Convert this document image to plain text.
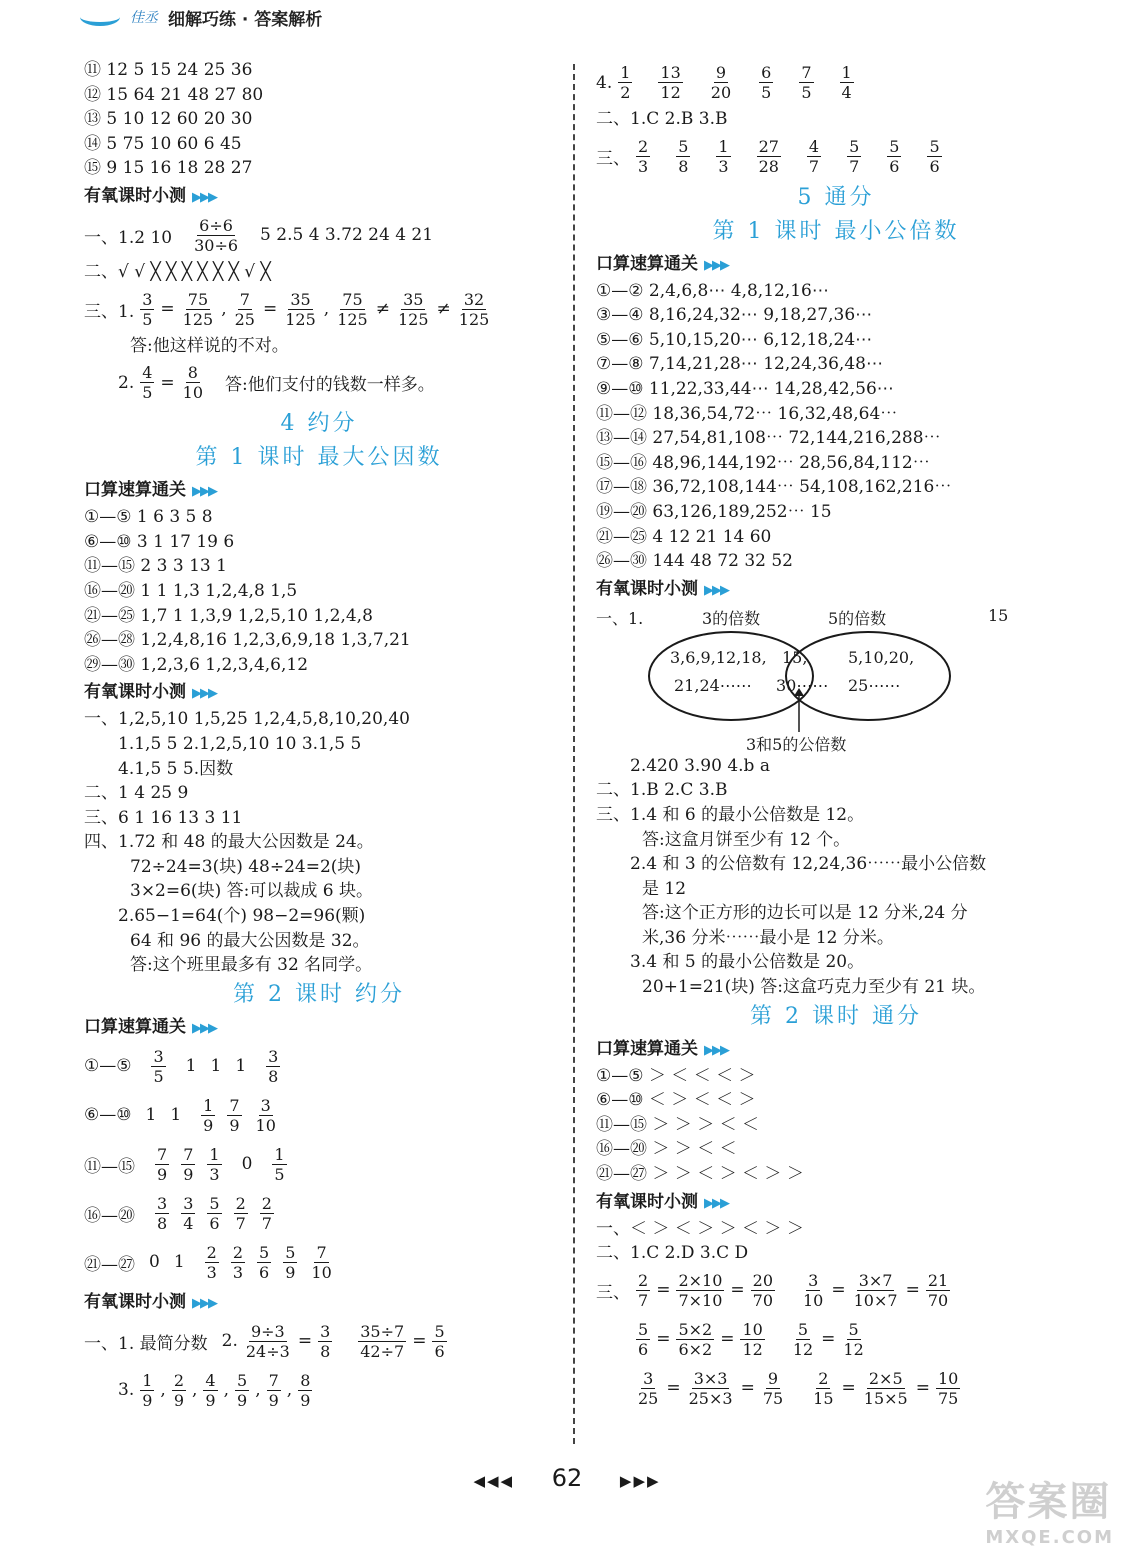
佳丞 细解巧练 · 答案解析
⑪ 12 5 15 24 25 36
⑫ 15 64 21 48 27 80
⑬ 5 10 12 60 20 30
⑭ 5 75 10 60 6 45
⑮ 9 15 16 18 28 27
有氧课时小测 ▶▶▶
一、1.2 $10 \frac{6\div 6}{30\div 6} 5$ 2.5 4 3.72 24 4 21
二、√ √ ╳ ╳ ╳ ╳ ╳ ╳ √ ╳
三、1. $\frac{3}{5} = \frac{75}{125}$ , $\frac{7}{25} = \frac{35}{125}$ , $\frac{75}{125} \ne \frac{35}{125} \ne \frac{32}{125}$
答:他这样说的不对。
2. $\frac{4}{5} = \frac{8}{10}$ 答:他们支付的钱数一样多。
4 约分
第 1 课时 最大公因数
口算速算通关 ▶▶▶
①—⑤ 1 6 3 5 8
⑥—⑩ 3 1 17 19 6
⑪—⑮ 2 3 3 13 1
⑯—⑳ 1 1 1,3 1,2,4,8 1,5
㉑—㉕ 1,7 1 1,3,9 1,2,5,10 1,2,4,8
㉖—㉘ 1,2,4,8,16 1,2,3,6,9,18 1,3,7,21
㉙—㉚ 1,2,3,6 1,2,3,4,6,12
有氧课时小测 ▶▶▶
一、1,2,5,10 1,5,25 1,2,4,5,8,10,20,40
1.1,5 5 2.1,2,5,10 10 3.1,5 5
4.1,5 5 5.因数
二、1 4 25 9
三、6 1 16 13 3 11
四、1.72 和 48 的最大公因数是 24。
72÷24=3(块) 48÷24=2(块)
3×2=6(块) 答:可以裁成 6 块。
2.65−1=64(个) 98−2=96(颗)
64 和 96 的最大公因数是 32。
答:这个班里最多有 32 名同学。
第 2 课时 约分
口算速算通关 ▶▶▶
①—⑤ $\frac{3}{5} 1$ 1 $1 \frac{3}{8}$
⑥—⑩ 1 $1 \frac{1}{9} \frac{7}{9} \frac{3}{10}$
⑪—⑮ $\frac{7}{9} \frac{7}{9} \frac{1}{3} 0 \frac{1}{5}$
⑯—⑳ $\frac{3}{8} \frac{3}{4} \frac{5}{6} \frac{2}{7} \frac{2}{7}$
㉑—㉗ 0 $1 \frac{2}{3} \frac{2}{3} \frac{5}{6} \frac{5}{9} \frac{7}{10}$
有氧课时小测 ▶▶▶
一、1. 最简分数 2. $\frac{9\div 3}{24\div 3} = \frac{3}{8} \frac{35\div 7}{42\div 7} = \frac{5}{6}$
3. $\frac{1}{9}$ , $\frac{2}{9}$ , $\frac{4}{9}$ , $\frac{5}{9}$ , $\frac{7}{9}$ , $\frac{8}{9}$
4. $\frac{1}{2} \frac{13}{12} \frac{9}{20} \frac{6}{5} \frac{7}{5} \frac{1}{4}$
二、1.C 2.B 3.B
三、 $\frac{2}{3} \frac{5}{8} \frac{1}{3} \frac{27}{28} \frac{4}{7} \frac{5}{7} \frac{5}{6} \frac{5}{6}$
5 通分
第 1 课时 最小公倍数
口算速算通关 ▶▶▶
①—② 2,4,6,8⋯ 4,8,12,16⋯
③—④ 8,16,24,32⋯ 9,18,27,36⋯
⑤—⑥ 5,10,15,20⋯ 6,12,18,24⋯
⑦—⑧ 7,14,21,28⋯ 12,24,36,48⋯
⑨—⑩ 11,22,33,44⋯ 14,28,42,56⋯
⑪—⑫ 18,36,54,72⋯ 16,32,48,64⋯
⑬—⑭ 27,54,81,108⋯ 72,144,216,288⋯
⑮—⑯ 48,96,144,192⋯ 28,56,84,112⋯
⑰—⑱ 36,72,108,144⋯ 54,108,162,216⋯
⑲—⑳ 63,126,189,252⋯ 15
㉑—㉕ 4 12 21 14 60
㉖—㉚ 144 48 72 32 52
有氧课时小测 ▶▶▶
一、1.	3的倍数	5的倍数	15
3,6,9,12,18,
21,24⋯⋯
15,
30⋯⋯
5,10,20,
25⋯⋯
3和5的公倍数
2.420 3.90 4.b a
二、1.B 2.C 3.B
三、1.4 和 6 的最小公倍数是 12。
答:这盒月饼至少有 12 个。
2.4 和 3 的公倍数有 12,24,36⋯⋯最小公倍数
是 12
答:这个正方形的边长可以是 12 分米,24 分
米,36 分米⋯⋯最小是 12 分米。
3.4 和 5 的最小公倍数是 20。
20+1=21(块) 答:这盒巧克力至少有 21 块。
第 2 课时 通分
口算速算通关 ▶▶▶
①—⑤ ＞ ＜ ＜ ＜ ＞
⑥—⑩ ＜ ＞ ＜ ＜ ＞
⑪—⑮ ＞ ＞ ＞ ＜ ＜
⑯—⑳ ＞ ＞ ＜ ＜
㉑—㉗ ＞ ＞ ＜ ＞ ＜ ＞ ＞
有氧课时小测 ▶▶▶
一、＜ ＞ ＜ ＞ ＞ ＜ ＞ ＞
二、1.C 2.D 3.C D
三、 $\frac{2}{7} = \frac{2\times 10}{7\times 10} = \frac{20}{70} \frac{3}{10} = \frac{3\times 7}{10\times 7} = \frac{21}{70}$
$\frac{5}{6} = \frac{5\times 2}{6\times 2} = \frac{10}{12} \frac{5}{12} = \frac{5}{12}$
$\frac{3}{25} = \frac{3\times 3}{25\times 3} = \frac{9}{75} \frac{2}{15} = \frac{2\times 5}{15\times 5} = \frac{10}{75}$
◀◀◀ 62	▶▶▶	答案圈
MXQE.COM
